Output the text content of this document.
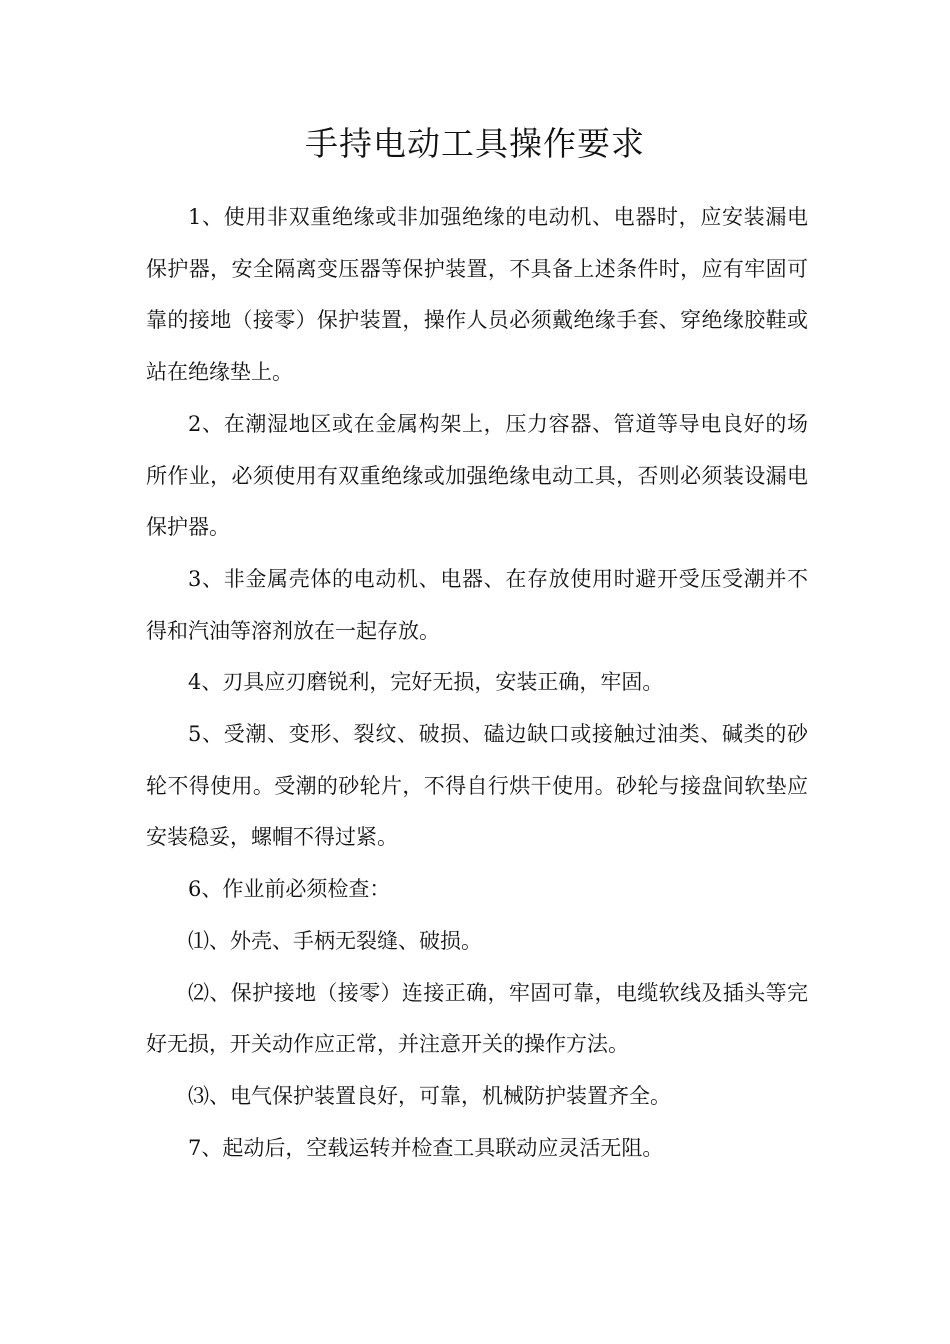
手持电动工具操作要求

1、使用非双重绝缘或非加强绝缘的电动机、电器时，应安装漏电保护器，安全隔离变压器等保护装置，不具备上述条件时，应有牢固可靠的接地（接零）保护装置，操作人员必须戴绝缘手套、穿绝缘胶鞋或站在绝缘垫上。

2、在潮湿地区或在金属构架上，压力容器、管道等导电良好的场所作业，必须使用有双重绝缘或加强绝缘电动工具，否则必须装设漏电保护器。

3、非金属壳体的电动机、电器、在存放使用时避开受压受潮并不得和汽油等溶剂放在一起存放。

4、刃具应刃磨锐利，完好无损，安装正确，牢固。

5、受潮、变形、裂纹、破损、磕边缺口或接触过油类、碱类的砂轮不得使用。受潮的砂轮片，不得自行烘干使用。砂轮与接盘间软垫应安装稳妥，螺帽不得过紧。

6、作业前必须检查：

⑴、外壳、手柄无裂缝、破损。

⑵、保护接地（接零）连接正确，牢固可靠，电缆软线及插头等完好无损，开关动作应正常，并注意开关的操作方法。

⑶、电气保护装置良好，可靠，机械防护装置齐全。

7、起动后，空载运转并检查工具联动应灵活无阻。
